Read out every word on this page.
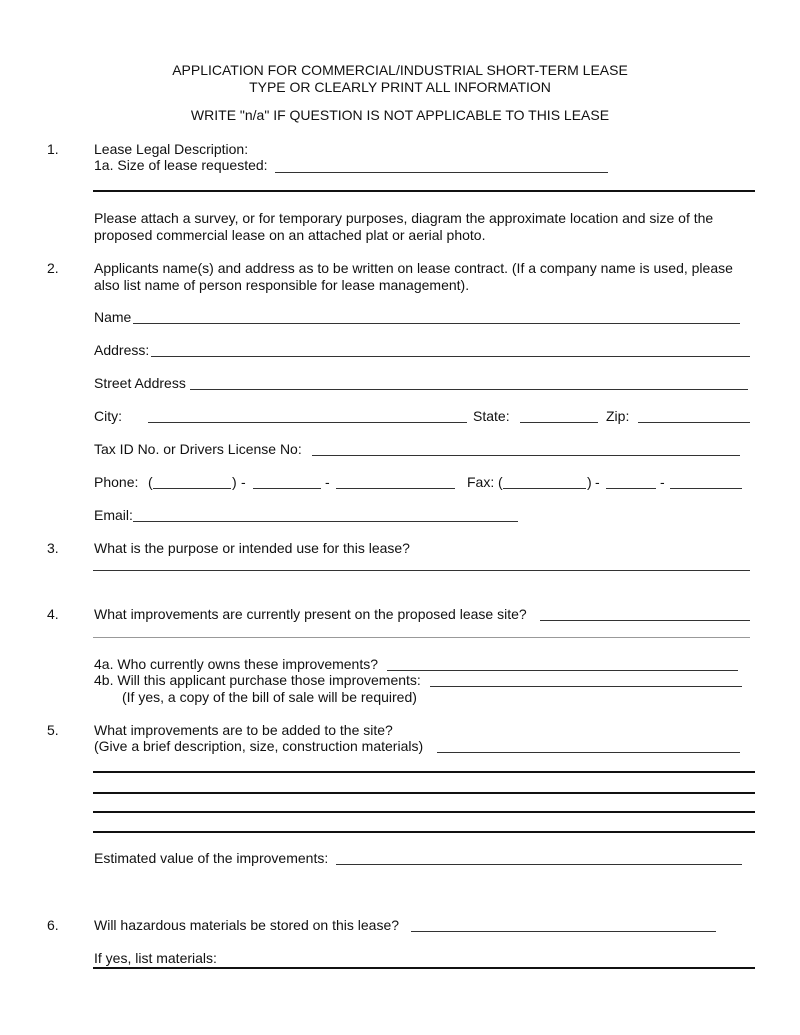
APPLICATION FOR COMMERCIAL/INDUSTRIAL SHORT-TERM LEASE
TYPE OR CLEARLY PRINT ALL INFORMATION
WRITE "n/a" IF QUESTION IS NOT APPLICABLE TO THIS LEASE
1.	Lease Legal Description:
1a. Size of lease requested:
Please attach a survey, or for temporary purposes, diagram the approximate location and size of the
proposed commercial lease on an attached plat or aerial photo.
2.	Applicants name(s) and address as to be written on lease contract. (If a company name is used, please
also list name of person responsible for lease management).
Name
Address:
Street Address
City:	State:	Zip:
Tax ID No. or Drivers License No:
Phone: (	) -	-	Fax: (	) -	-
Email:
3.	What is the purpose or intended use for this lease?
4.	What improvements are currently present on the proposed lease site?
4a. Who currently owns these improvements?
4b. Will this applicant purchase those improvements:
(If yes, a copy of the bill of sale will be required)
5.	What improvements are to be added to the site?
(Give a brief description, size, construction materials)
Estimated value of the improvements:
6.	Will hazardous materials be stored on this lease?
If yes, list materials:
